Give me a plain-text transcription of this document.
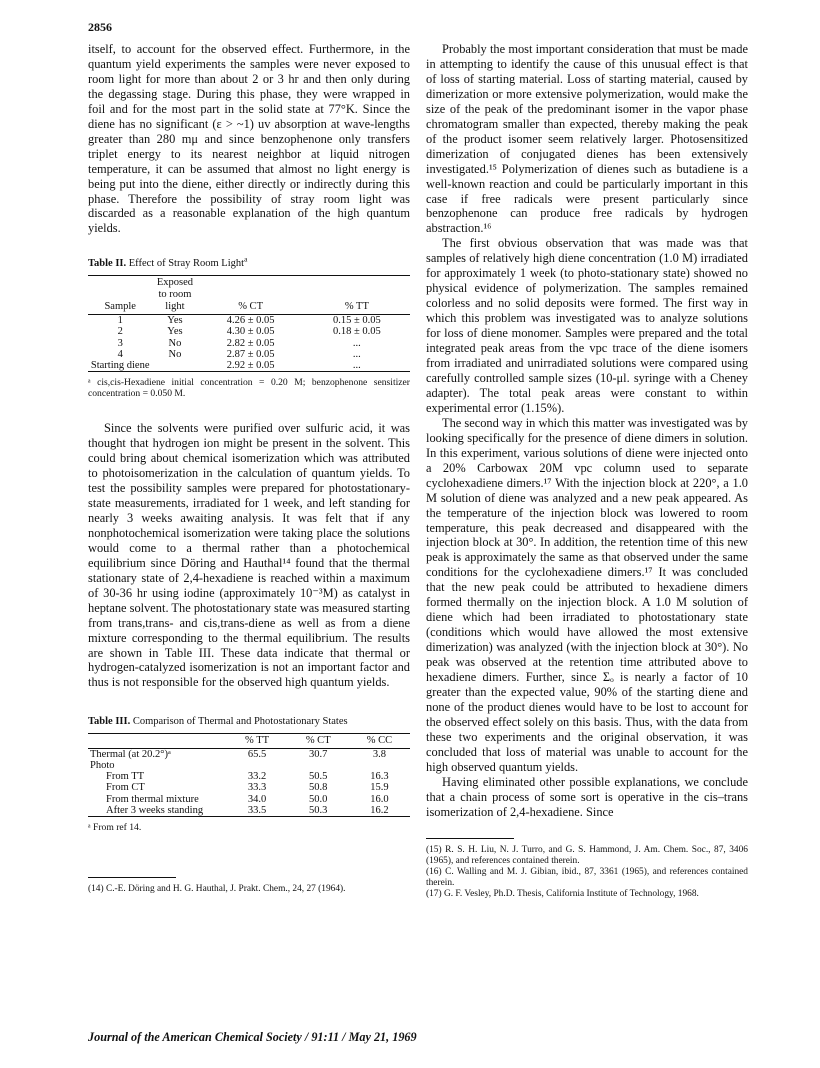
2856

itself, to account for the observed effect. Furthermore, in the quantum yield experiments the samples were never exposed to room light for more than about 2 or 3 hr and then only during the degassing stage. During this phase, they were wrapped in foil and for the most part in the solid state at 77°K. Since the diene has no significant (ε > ~1) uv absorption at wave-lengths greater than 280 mμ and since benzophenone only transfers triplet energy to its nearest neighbor at liquid nitrogen temperature, it can be assumed that almost no light energy is being put into the diene, either directly or indirectly during this phase. Therefore the possibility of stray room light was discarded as a reasonable explanation of the high quantum yields.

Table II. Effect of Stray Room Light$^a$
Sample	Exposed to room light	% CT	% TT
1	Yes	4.26 ± 0.05	0.15 ± 0.05
2	Yes	4.30 ± 0.05	0.18 ± 0.05
3	No	2.82 ± 0.05	...
4	No	2.87 ± 0.05	...
Starting diene		2.92 ± 0.05	...
ᵃ cis,cis-Hexadiene initial concentration = 0.20 M; benzophenone sensitizer concentration = 0.050 M.

Since the solvents were purified over sulfuric acid, it was thought that hydrogen ion might be present in the solvent. This could bring about chemical isomerization which was attributed to photoisomerization in the calculation of quantum yields. To test the possibility samples were prepared for photostationary-state measurements, irradiated for 1 week, and left standing for nearly 3 weeks awaiting analysis. It was felt that if any nonphotochemical isomerization were taking place the solutions would come to a thermal rather than a photochemical equilibrium since Döring and Hauthal¹⁴ found that the thermal stationary state of 2,4-hexadiene is reached within a maximum of 30-36 hr using iodine (approximately 10⁻³M) as catalyst in heptane solvent. The photostationary state was measured starting from trans,trans- and cis,trans-diene as well as from a diene mixture corresponding to the thermal equilibrium. The results are shown in Table III. These data indicate that thermal or hydrogen-catalyzed isomerization is not an important factor and thus is not responsible for the observed high quantum yields.

Table III. Comparison of Thermal and Photostationary States
	% TT	% CT	% CC
Thermal (at 20.2°)ᵃ	65.5	30.7	3.8
Photo			
From TT	33.2	50.5	16.3
From CT	33.3	50.8	15.9
From thermal mixture	34.0	50.0	16.0
After 3 weeks standing	33.5	50.3	16.2
ᵃ From ref 14.

(14) C.-E. Döring and H. G. Hauthal, J. Prakt. Chem., 24, 27 (1964).

Probably the most important consideration that must be made in attempting to identify the cause of this unusual effect is that of loss of starting material. Loss of starting material, caused by dimerization or more extensive polymerization, would make the size of the peak of the predominant isomer in the vapor phase chromatogram smaller than expected, thereby making the peak of the product isomer seem relatively larger. Photosensitized dimerization of conjugated dienes has been extensively investigated.¹⁵ Polymerization of dienes such as butadiene is a well-known reaction and could be particularly important in this case if free radicals were present particularly since benzophenone can produce free radicals by hydrogen abstraction.¹⁶

The first obvious observation that was made was that samples of relatively high diene concentration (1.0 M) irradiated for approximately 1 week (to photo-stationary state) showed no physical evidence of polymerization. The samples remained colorless and no solid deposits were formed. The first way in which this problem was investigated was to analyze solutions for loss of diene monomer. Samples were prepared and the total integrated peak areas from the vpc trace of the diene isomers from irradiated and unirradiated solutions were compared using carefully controlled sample sizes (10-μl. syringe with a Cheney adapter). The total peak areas were constant to within experimental error (1.15%).

The second way in which this matter was investigated was by looking specifically for the presence of diene dimers in solution. In this experiment, various solutions of diene were injected onto a 20% Carbowax 20M vpc column used to separate cyclohexadiene dimers.¹⁷ With the injection block at 220°, a 1.0 M solution of diene was analyzed and a new peak appeared. As the temperature of the injection block was lowered to room temperature, this peak decreased and disappeared with the injection block at 30°. In addition, the retention time of this new peak is approximately the same as that observed under the same conditions for the cyclohexadiene dimers.¹⁷ It was concluded that the new peak could be attributed to hexadiene dimers formed thermally on the injection block. A 1.0 M solution of diene which had been irradiated to photostationary state (conditions which would have allowed the most extensive dimerization) was analyzed (with the injection block at 30°). No peak was observed at the retention time attributed above to hexadiene dimers. Further, since Σₒ is nearly a factor of 10 greater than the expected value, 90% of the starting diene and none of the product dienes would have to be lost to account for the observed effect solely on this basis. Thus, with the data from these two experiments and the original observation, it was concluded that loss of material was unable to account for the high observed quantum yields.

Having eliminated other possible explanations, we conclude that a chain process of some sort is operative in the cis–trans isomerization of 2,4-hexadiene. Since

(15) R. S. H. Liu, N. J. Turro, and G. S. Hammond, J. Am. Chem. Soc., 87, 3406 (1965), and references contained therein.

(16) C. Walling and M. J. Gibian, ibid., 87, 3361 (1965), and references contained therein.

(17) G. F. Vesley, Ph.D. Thesis, California Institute of Technology, 1968.

Journal of the American Chemical Society / 91:11 / May 21, 1969
